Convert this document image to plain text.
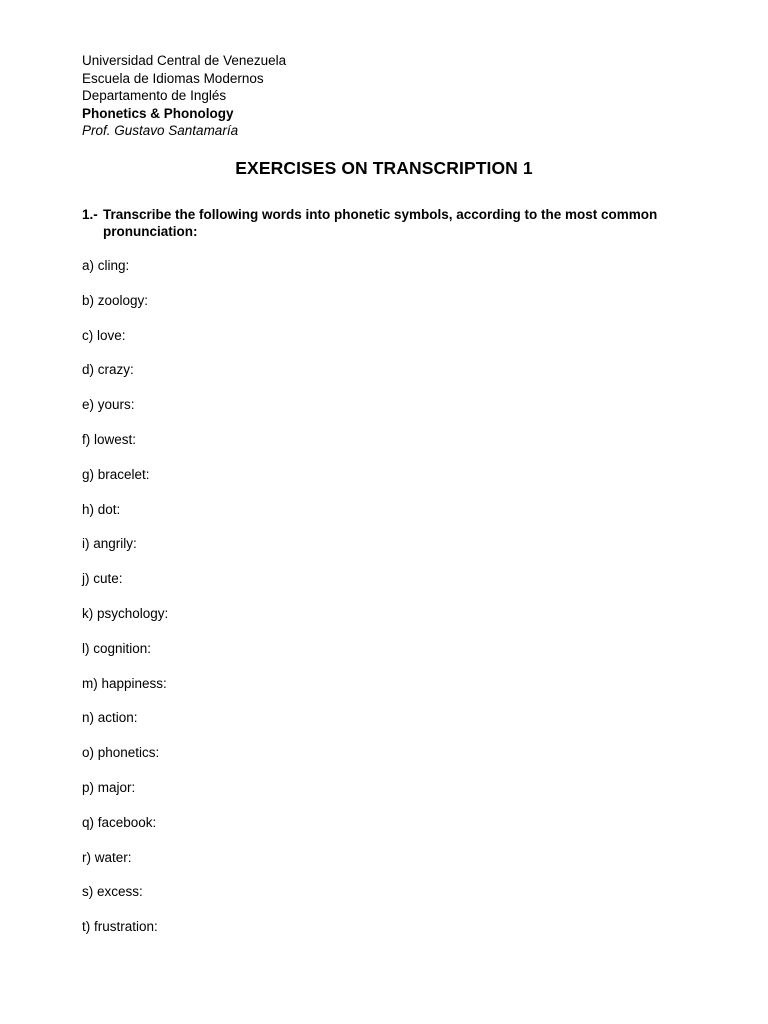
Universidad Central de Venezuela
Escuela de Idiomas Modernos
Departamento de Inglés
Phonetics & Phonology
Prof. Gustavo Santamaría
EXERCISES ON TRANSCRIPTION 1
1.- Transcribe the following words into phonetic symbols, according to the most common
pronunciation:
a) cling:
b) zoology:
c) love:
d) crazy:
e) yours:
f) lowest:
g) bracelet:
h) dot:
i) angrily:
j) cute:
k) psychology:
l) cognition:
m) happiness:
n) action:
o) phonetics:
p) major:
q) facebook:
r) water:
s) excess:
t) frustration:
